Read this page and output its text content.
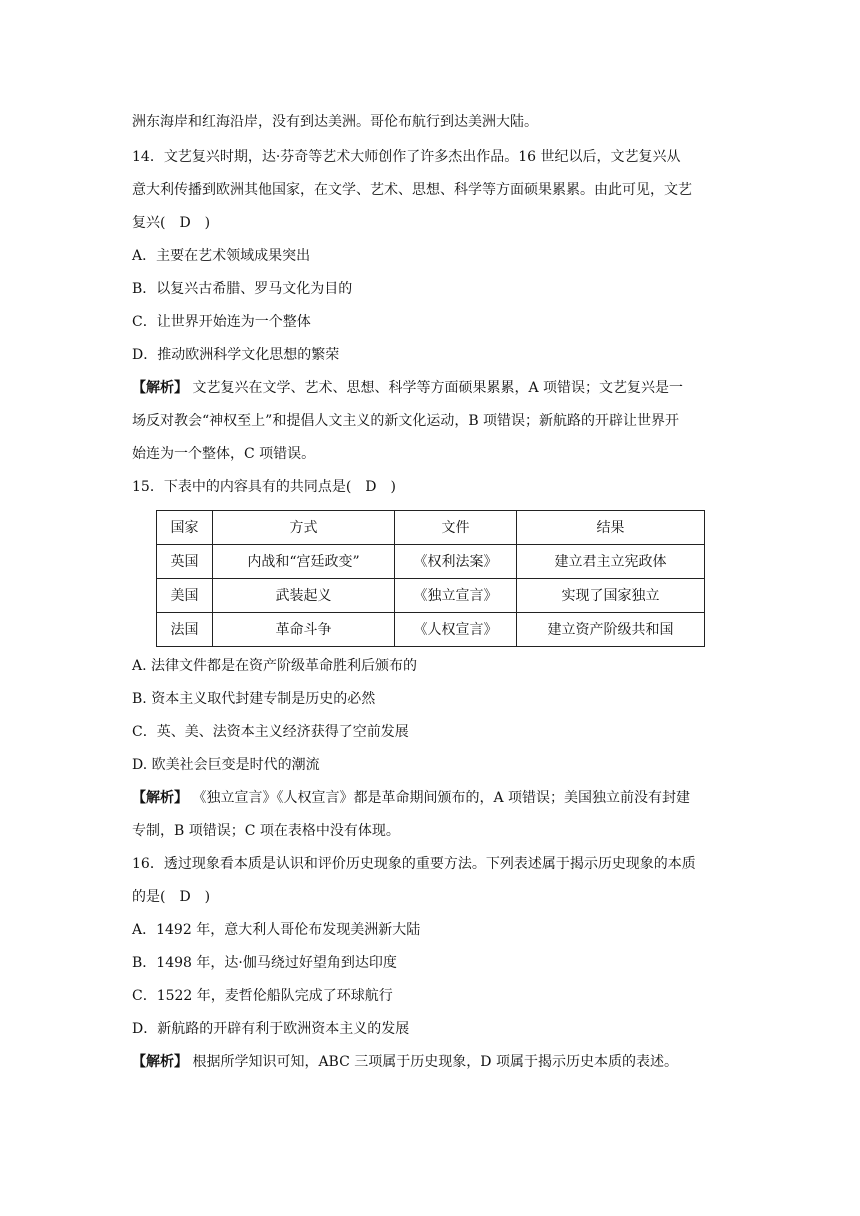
洲东海岸和红海沿岸，没有到达美洲。哥伦布航行到达美洲大陆。
14．文艺复兴时期，达·芬奇等艺术大师创作了许多杰出作品。16 世纪以后，文艺复兴从
意大利传播到欧洲其他国家，在文学、艺术、思想、科学等方面硕果累累。由此可见，文艺
复兴(　D　)
A．主要在艺术领域成果突出
B．以复兴古希腊、罗马文化为目的
C．让世界开始连为一个整体
D．推动欧洲科学文化思想的繁荣
【解析】 文艺复兴在文学、艺术、思想、科学等方面硕果累累，A 项错误；文艺复兴是一
场反对教会“神权至上”和提倡人文主义的新文化运动，B 项错误；新航路的开辟让世界开
始连为一个整体，C 项错误。
15．下表中的内容具有的共同点是(　D　)
国家	方式	文件	结果
英国	内战和“宫廷政变”	《权利法案》	建立君主立宪政体
美国	武装起义	《独立宣言》	实现了国家独立
法国	革命斗争	《人权宣言》	建立资产阶级共和国
A. 法律文件都是在资产阶级革命胜利后颁布的
B. 资本主义取代封建专制是历史的必然
C．英、美、法资本主义经济获得了空前发展
D. 欧美社会巨变是时代的潮流
【解析】 《独立宣言》《人权宣言》都是革命期间颁布的，A 项错误；美国独立前没有封建
专制，B 项错误；C 项在表格中没有体现。
16．透过现象看本质是认识和评价历史现象的重要方法。下列表述属于揭示历史现象的本质
的是(　D　)
A．1492 年，意大利人哥伦布发现美洲新大陆
B．1498 年，达·伽马绕过好望角到达印度
C．1522 年，麦哲伦船队完成了环球航行
D．新航路的开辟有利于欧洲资本主义的发展
【解析】 根据所学知识可知，ABC 三项属于历史现象，D 项属于揭示历史本质的表述。
